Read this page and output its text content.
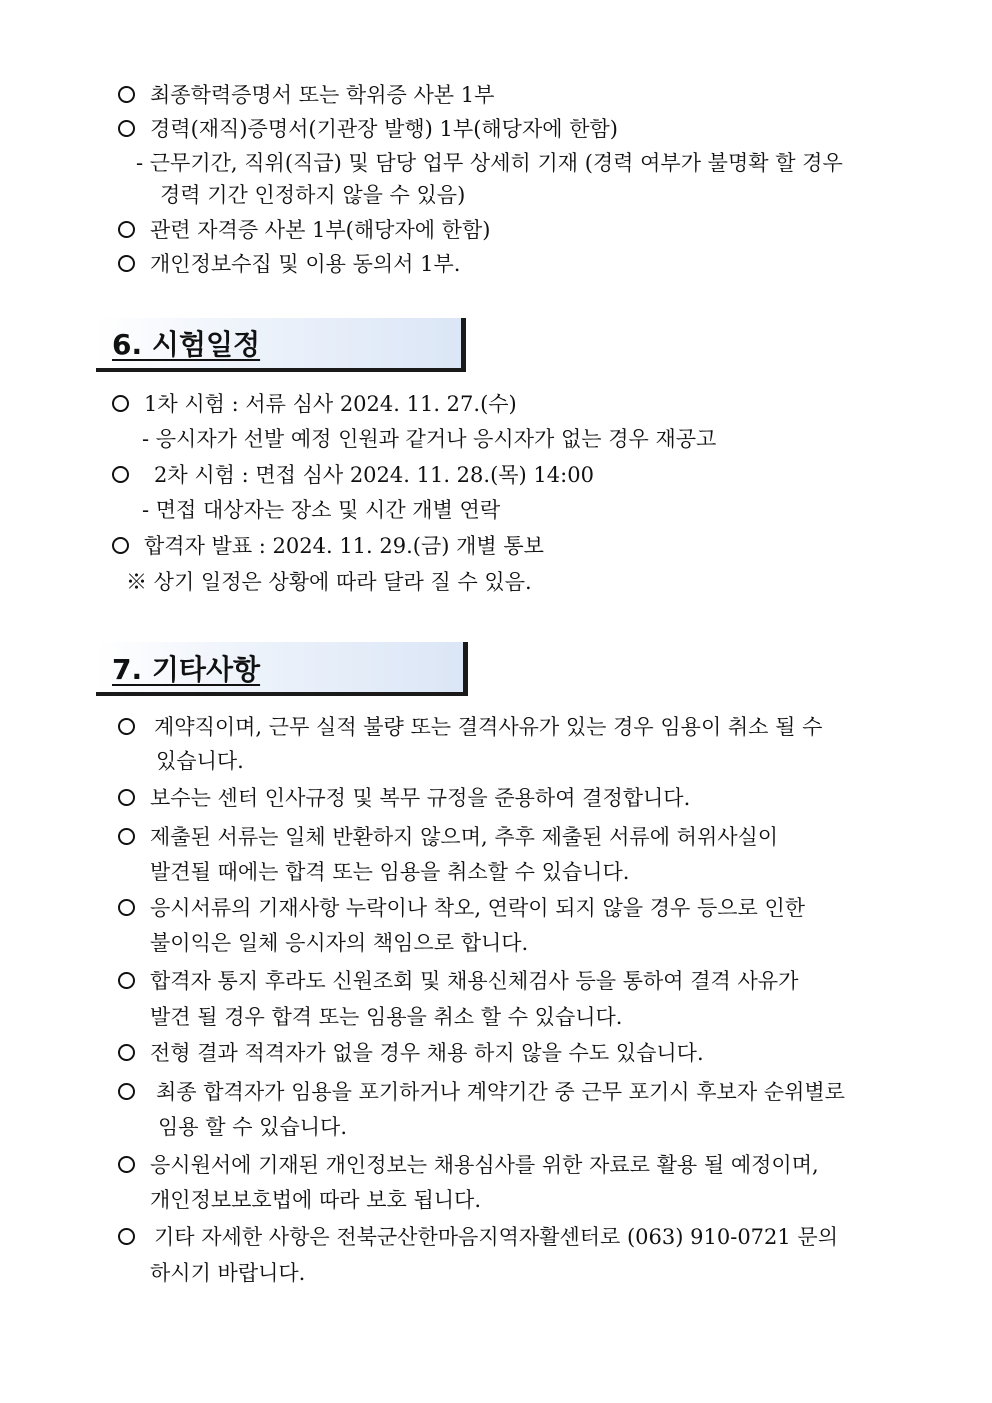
최종학력증명서 또는 학위증 사본 1부
경력(재직)증명서(기관장 발행) 1부(해당자에 한함)
- 근무기간, 직위(직급) 및 담당 업무 상세히 기재 (경력 여부가 불명확 할 경우
경력 기간 인정하지 않을 수 있음)
관련 자격증 사본 1부(해당자에 한함)
개인정보수집 및 이용 동의서 1부.
6. 시험일정
1차 시험 : 서류 심사 2024. 11. 27.(수)
- 응시자가 선발 예정 인원과 같거나 응시자가 없는 경우 재공고
2차 시험 : 면접 심사 2024. 11. 28.(목) 14:00
- 면접 대상자는 장소 및 시간 개별 연락
합격자 발표 : 2024. 11. 29.(금) 개별 통보
※ 상기 일정은 상황에 따라 달라 질 수 있음.
7. 기타사항
계약직이며, 근무 실적 불량 또는 결격사유가 있는 경우 임용이 취소 될 수
있습니다.
보수는 센터 인사규정 및 복무 규정을 준용하여 결정합니다.
제출된 서류는 일체 반환하지 않으며, 추후 제출된 서류에 허위사실이
발견될 때에는 합격 또는 임용을 취소할 수 있습니다.
응시서류의 기재사항 누락이나 착오, 연락이 되지 않을 경우 등으로 인한
불이익은 일체 응시자의 책임으로 합니다.
합격자 통지 후라도 신원조회 및 채용신체검사 등을 통하여 결격 사유가
발견 될 경우 합격 또는 임용을 취소 할 수 있습니다.
전형 결과 적격자가 없을 경우 채용 하지 않을 수도 있습니다.
최종 합격자가 임용을 포기하거나 계약기간 중 근무 포기시 후보자 순위별로
임용 할 수 있습니다.
응시원서에 기재된 개인정보는 채용심사를 위한 자료로 활용 될 예정이며,
개인정보보호법에 따라 보호 됩니다.
기타 자세한 사항은 전북군산한마음지역자활센터로 (063) 910-0721 문의
하시기 바랍니다.
